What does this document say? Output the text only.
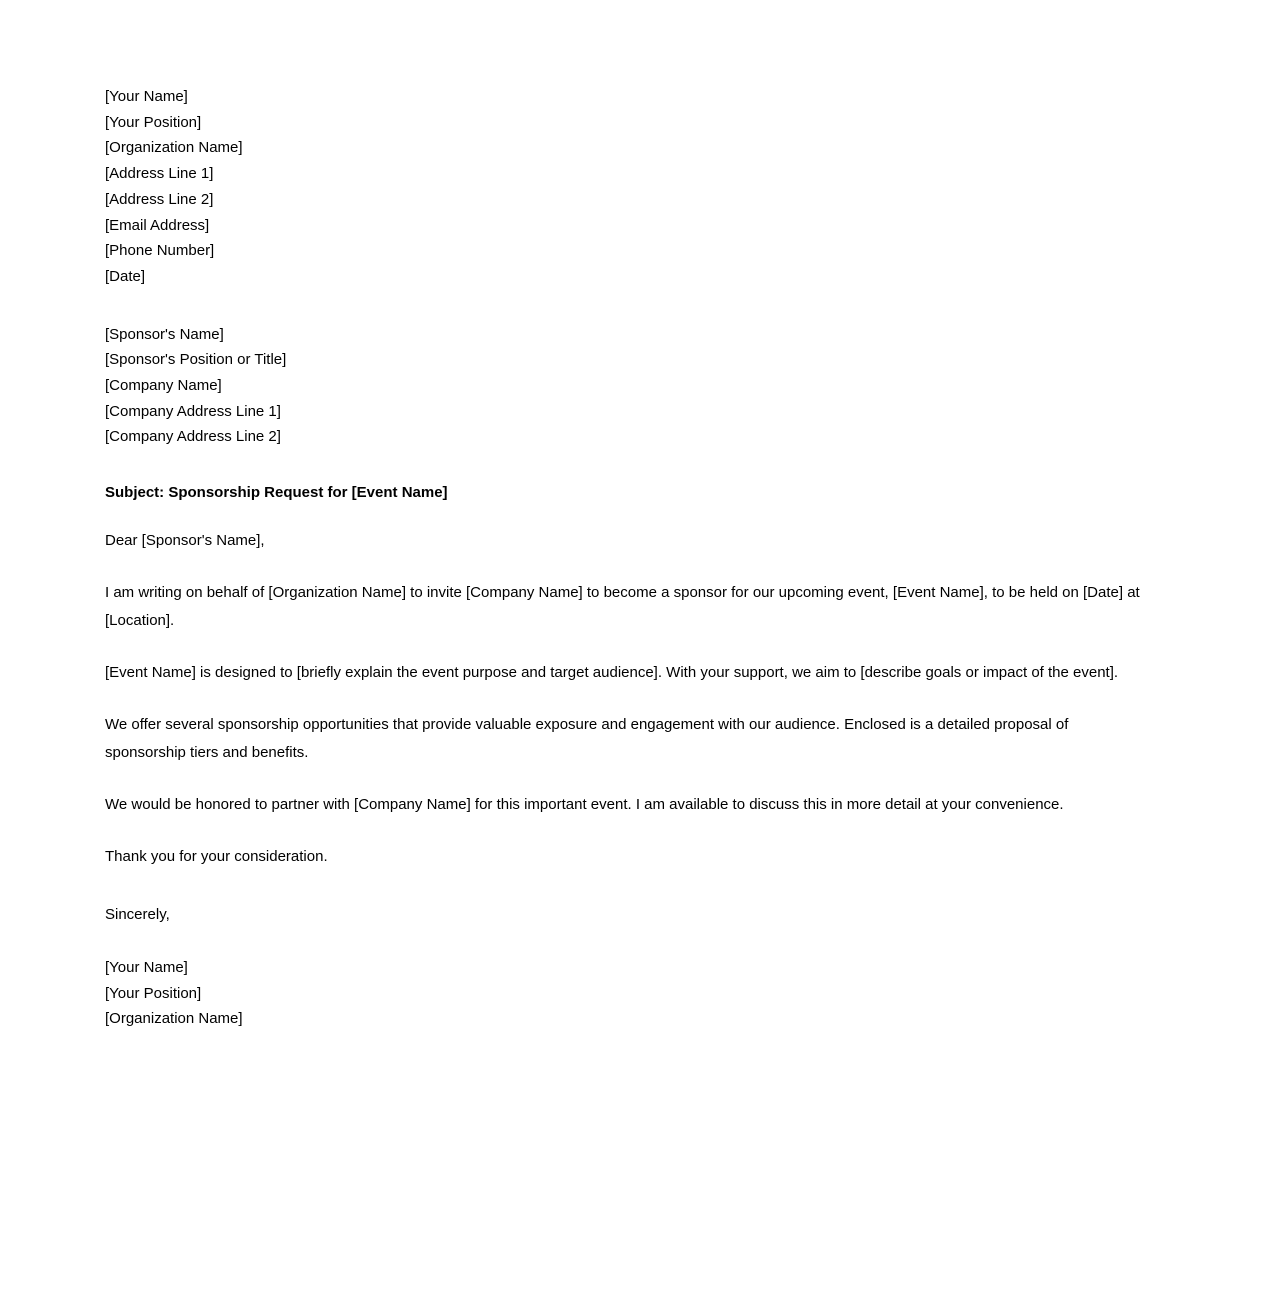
[Your Name]
[Your Position]
[Organization Name]
[Address Line 1]
[Address Line 2]
[Email Address]
[Phone Number]
[Date]
[Sponsor's Name]
[Sponsor's Position or Title]
[Company Name]
[Company Address Line 1]
[Company Address Line 2]
Subject: Sponsorship Request for [Event Name]
Dear [Sponsor's Name],

I am writing on behalf of [Organization Name] to invite [Company Name] to become a sponsor for our upcoming event, [Event Name], to be held on [Date] at [Location].

[Event Name] is designed to [briefly explain the event purpose and target audience]. With your support, we aim to [describe goals or impact of the event].

We offer several sponsorship opportunities that provide valuable exposure and engagement with our audience. Enclosed is a detailed proposal of sponsorship tiers and benefits.

We would be honored to partner with [Company Name] for this important event. I am available to discuss this in more detail at your convenience.

Thank you for your consideration.

Sincerely,
[Your Name]
[Your Position]
[Organization Name]
